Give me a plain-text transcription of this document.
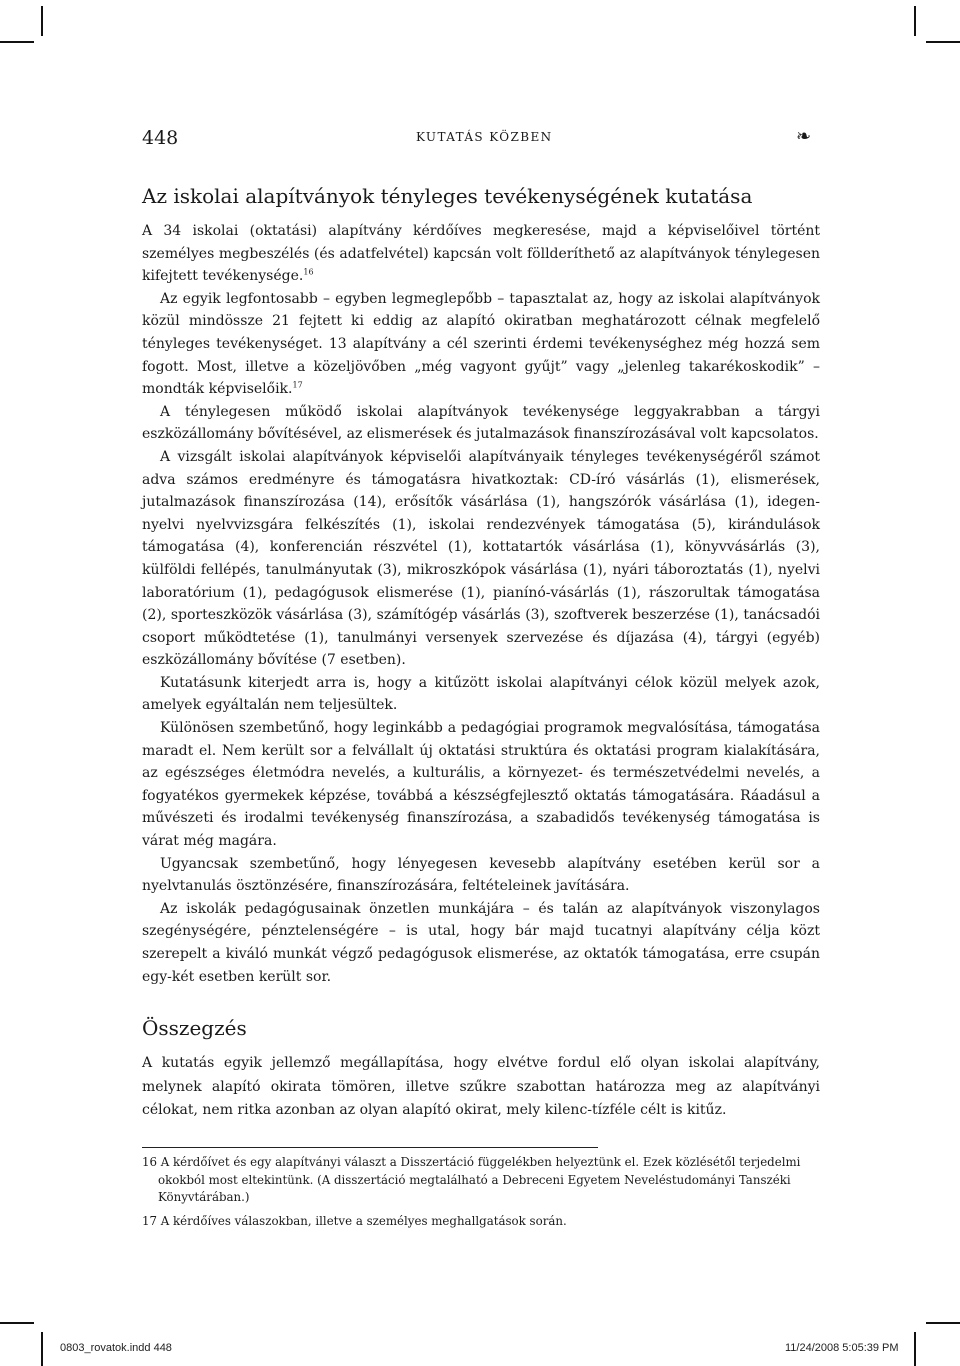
448	KUTATÁS KÖZBEN	❧
Az iskolai alapítványok tényleges tevékenységének kutatása

A 34 iskolai (oktatási) alapítvány kérdőíves megkeresése, majd a képviselőivel történt személyes megbeszélés (és adatfelvétel) kapcsán volt föllderíthető az alapítványok ténylegesen kifejtett tevékenysége.$^{16}$

Az egyik legfontosabb – egyben legmeglepőbb – tapasztalat az, hogy az iskolai alapítványok közül mindössze 21 fejtett ki eddig az alapító okiratban meghatározott célnak megfelelő tényleges tevékenységet. 13 alapítvány a cél szerinti érdemi tevékenységhez még hozzá sem fogott. Most, illetve a közeljövőben „még vagyont gyűjt” vagy „jelenleg takarékoskodik” – mondták képviselőik.$^{17}$

A ténylegesen működő iskolai alapítványok tevékenysége leggyakrabban a tárgyi eszközállomány bővítésével, az elismerések és jutalmazások finanszírozásával volt kapcsolatos.

A vizsgált iskolai alapítványok képviselői alapítványaik tényleges tevékenységéről számot adva számos eredményre és támogatásra hivatkoztak: CD-író vásárlás (1), elismerések, jutalmazások finanszírozása (14), erősítők vásárlása (1), hangszórók vásárlása (1), idegen-nyelvi nyelvvizsgára felkészítés (1), iskolai rendezvények támogatása (5), kirándulások támogatása (4), konferencián részvétel (1), kottatartók vásárlása (1), könyvvásárlás (3), külföldi fellépés, tanulmányutak (3), mikroszkópok vásárlása (1), nyári táboroztatás (1), nyelvi laboratórium (1), pedagógusok elismerése (1), pianínó-vásárlás (1), rászorultak támogatása (2), sporteszközök vásárlása (3), számítógép vásárlás (3), szoftverek beszerzése (1), tanácsadói csoport működtetése (1), tanulmányi versenyek szervezése és díjazása (4), tárgyi (egyéb) eszközállomány bővítése (7 esetben).

Kutatásunk kiterjedt arra is, hogy a kitűzött iskolai alapítványi célok közül melyek azok, amelyek egyáltalán nem teljesültek.

Különösen szembetűnő, hogy leginkább a pedagógiai programok megvalósítása, támogatása maradt el. Nem került sor a felvállalt új oktatási struktúra és oktatási program kialakítására, az egészséges életmódra nevelés, a kulturális, a környezet- és természetvédelmi nevelés, a fogyatékos gyermekek képzése, továbbá a készségfejlesztő oktatás támogatására. Ráadásul a művészeti és irodalmi tevékenység finanszírozása, a szabadidős tevékenység támogatása is várat még magára.

Ugyancsak szembetűnő, hogy lényegesen kevesebb alapítvány esetében kerül sor a nyelvtanulás ösztönzésére, finanszírozására, feltételeinek javítására.

Az iskolák pedagógusainak önzetlen munkájára – és talán az alapítványok viszonylagos szegénységére, pénztelenségére – is utal, hogy bár majd tucatnyi alapítvány célja közt szerepelt a kiváló munkát végző pedagógusok elismerése, az oktatók támogatása, erre csupán egy-két esetben került sor.

Összegzés

A kutatás egyik jellemző megállapítása, hogy elvétve fordul elő olyan iskolai alapítvány, melynek alapító okirata tömören, illetve szűkre szabottan határozza meg az alapítványi célokat, nem ritka azonban az olyan alapító okirat, mely kilenc-tízféle célt is kitűz.

16 A kérdőívet és egy alapítványi választ a Disszertáció függelékben helyeztünk el. Ezek közlésétől terjedelmi okokból most eltekintünk. (A disszertáció megtalálható a Debreceni Egyetem Neveléstudományi Tanszéki Könyvtárában.)

17 A kérdőíves válaszokban, illetve a személyes meghallgatások során.

0803_rovatok.indd 448	11/24/2008 5:05:39 PM
